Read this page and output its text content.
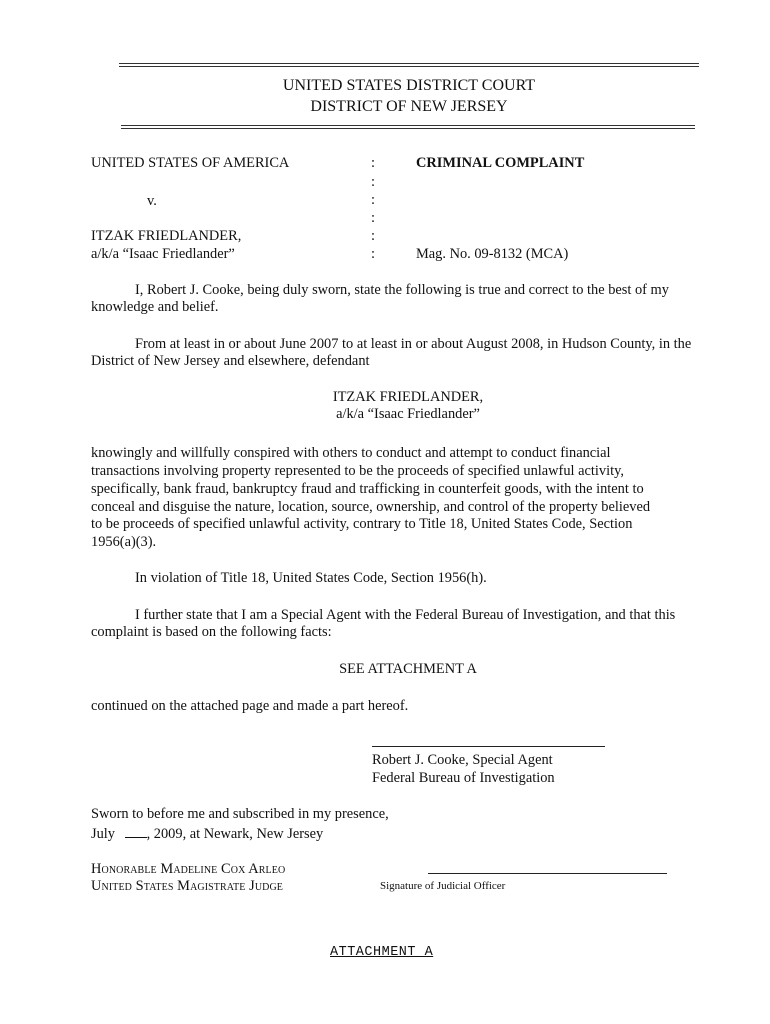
UNITED STATES DISTRICT COURT
DISTRICT OF NEW JERSEY
UNITED STATES OF AMERICA
v.
ITZAK FRIEDLANDER,
a/k/a “Isaac Friedlander”
:
:
:
:
:
:
CRIMINAL COMPLAINT
Mag. No. 09-8132 (MCA)
I, Robert J. Cooke, being duly sworn, state the following is true and correct to the best of my
knowledge and belief.
From at least in or about June 2007 to at least in or about August 2008, in Hudson County, in the
District of New Jersey and elsewhere, defendant
ITZAK FRIEDLANDER,
a/k/a “Isaac Friedlander”
knowingly and willfully conspired with others to conduct and attempt to conduct financial
transactions involving property represented to be the proceeds of specified unlawful activity,
specifically, bank fraud, bankruptcy fraud and trafficking in counterfeit goods, with the intent to
conceal and disguise the nature, location, source, ownership, and control of the property believed
to be proceeds of specified unlawful activity, contrary to Title 18, United States Code, Section
1956(a)(3).
In violation of Title 18, United States Code, Section 1956(h).
I further state that I am a Special Agent with the Federal Bureau of Investigation, and that this
complaint is based on the following facts:
SEE ATTACHMENT A
continued on the attached page and made a part hereof.
Robert J. Cooke, Special Agent
Federal Bureau of Investigation
Sworn to before me and subscribed in my presence,
July , 2009, at Newark, New Jersey
Honorable Madeline Cox Arleo
United States Magistrate Judge	Signature of Judicial Officer
ATTACHMENT A
